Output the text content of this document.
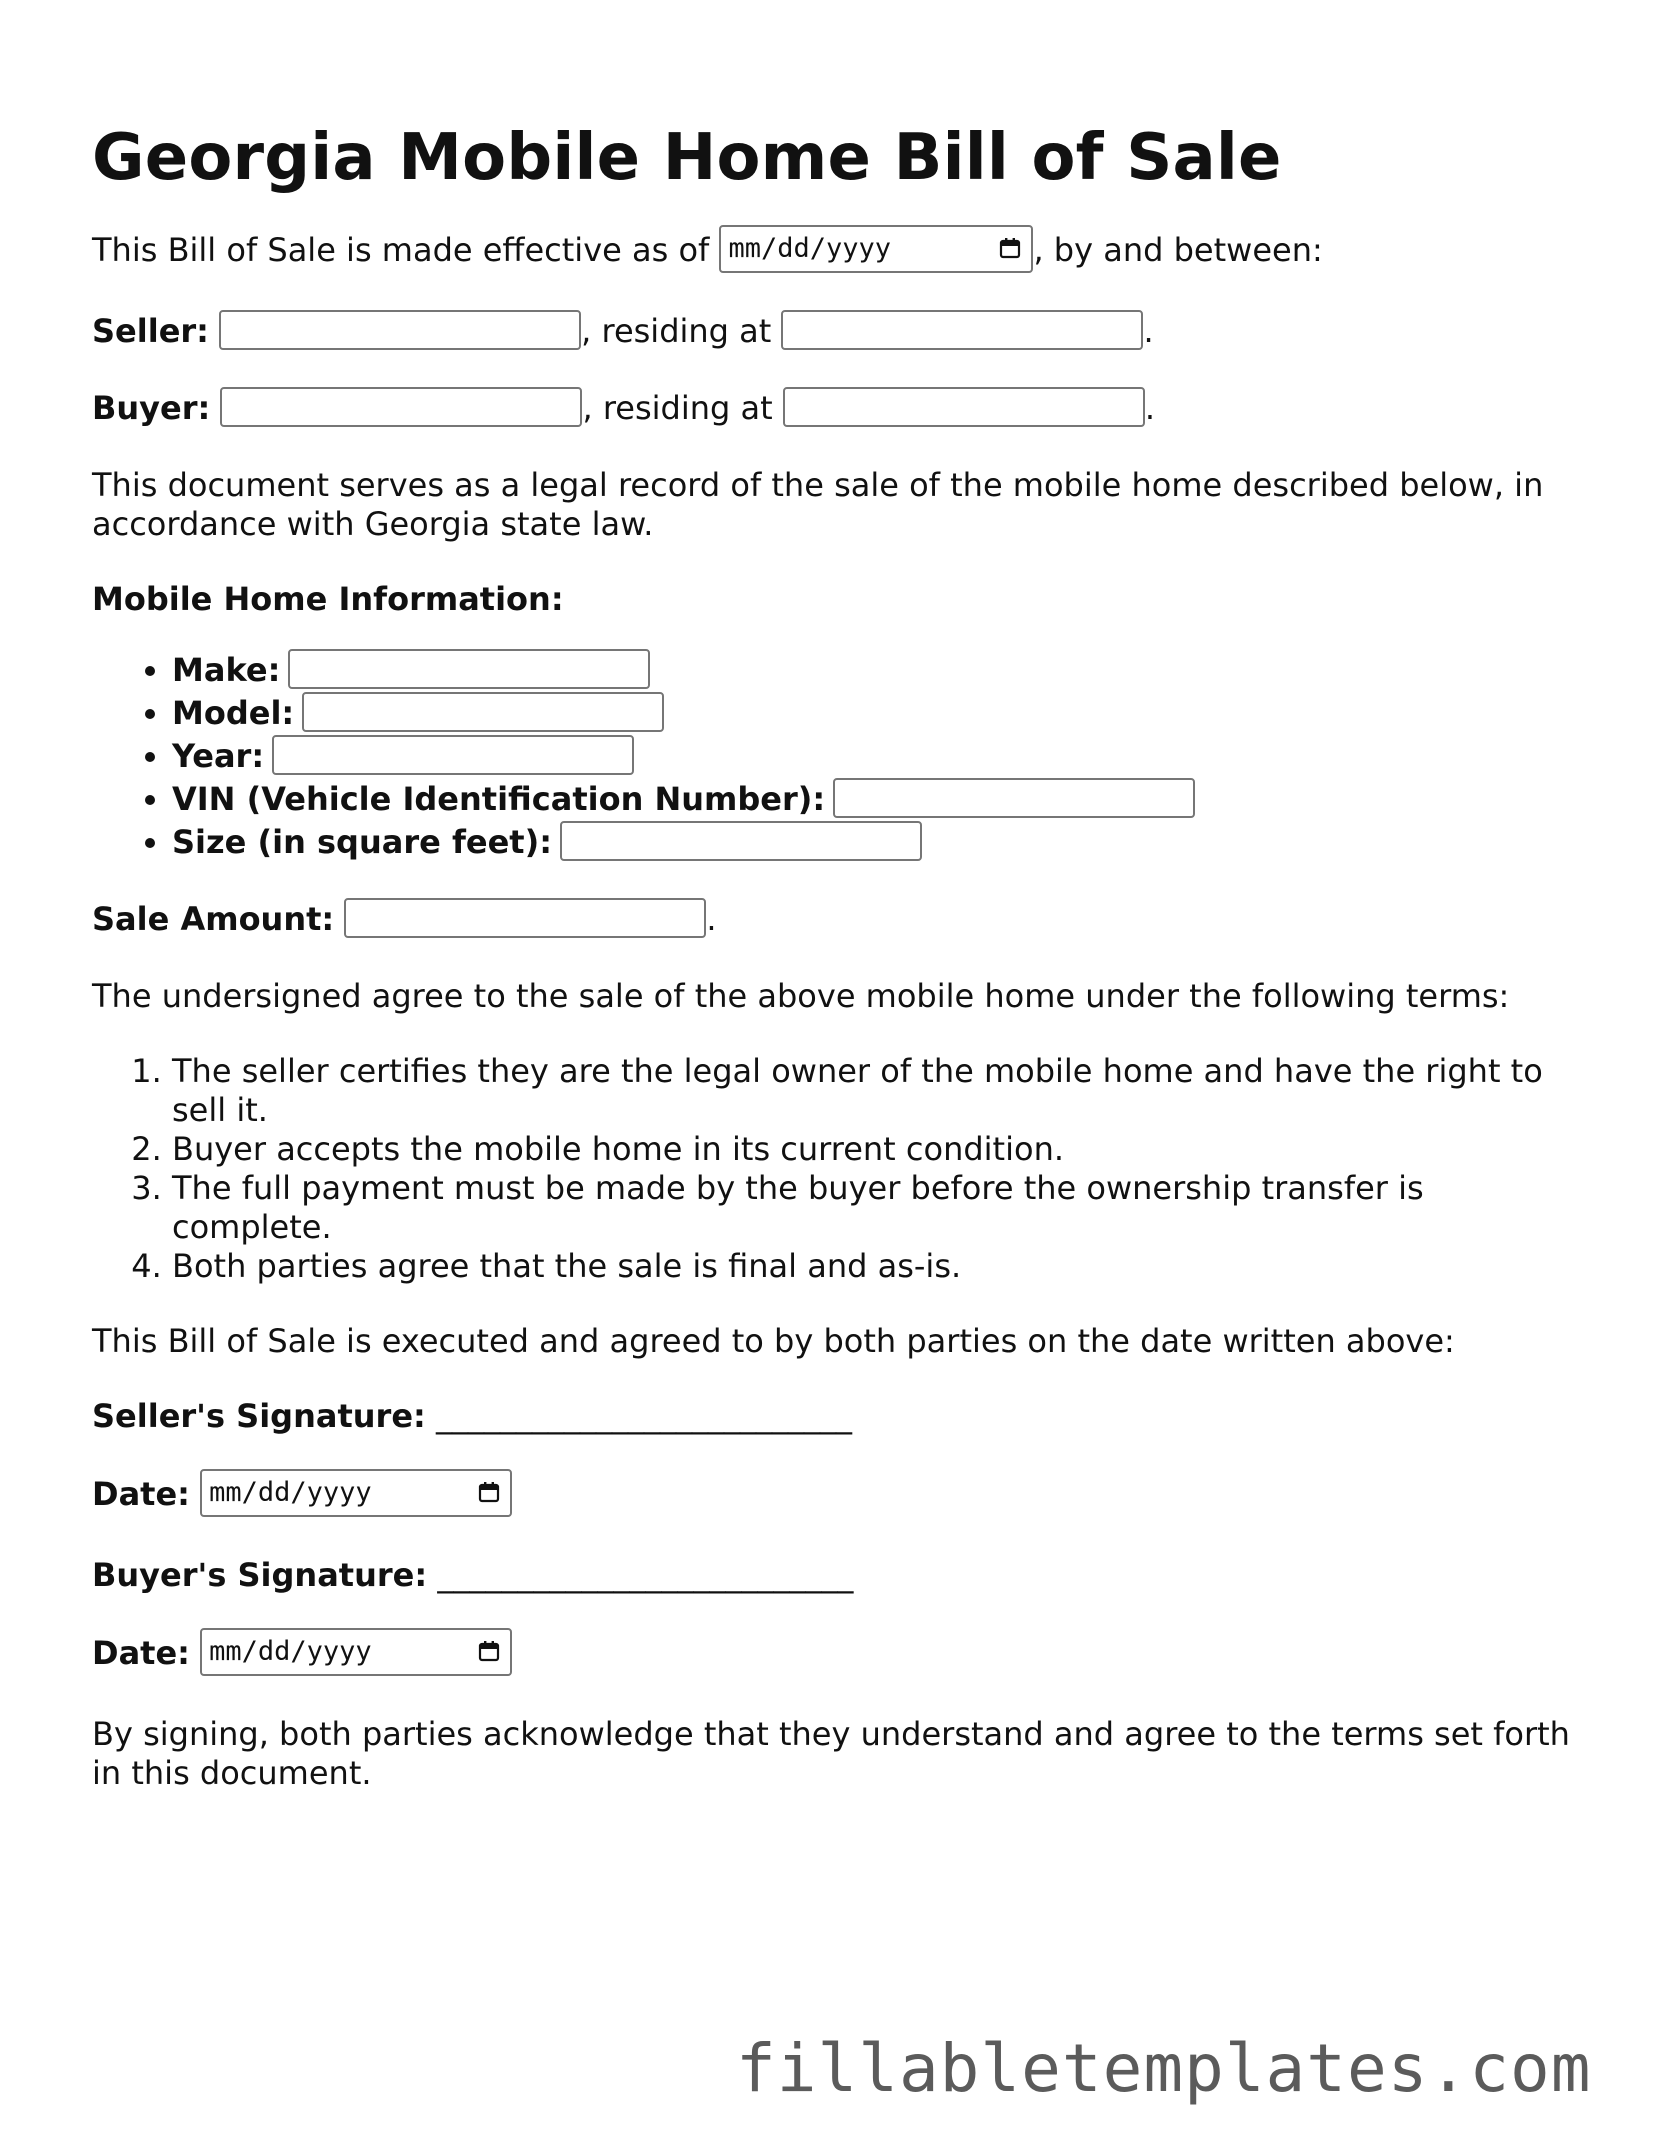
Georgia Mobile Home Bill of Sale

This Bill of Sale is made effective as of mm/dd/yyyy	, by and between:

Seller:	, residing at	.

Buyer:	, residing at	.

This document serves as a legal record of the sale of the mobile home described below, in accordance with Georgia state law.

Mobile Home Information:

• Make:
• Model:
• Year:
• VIN (Vehicle Identification Number):
• Size (in square feet):

Sale Amount:	.

The undersigned agree to the sale of the above mobile home under the following terms:

1. The seller certifies they are the legal owner of the mobile home and have the right to sell it.
2. Buyer accepts the mobile home in its current condition.
3. The full payment must be made by the buyer before the ownership transfer is complete.
4. Both parties agree that the sale is final and as-is.

This Bill of Sale is executed and agreed to by both parties on the date written above:

Seller's Signature: __________________________

Date: mm/dd/yyyy

Buyer's Signature: __________________________

Date: mm/dd/yyyy

By signing, both parties acknowledge that they understand and agree to the terms set forth in this document.

fillabletemplates.com
